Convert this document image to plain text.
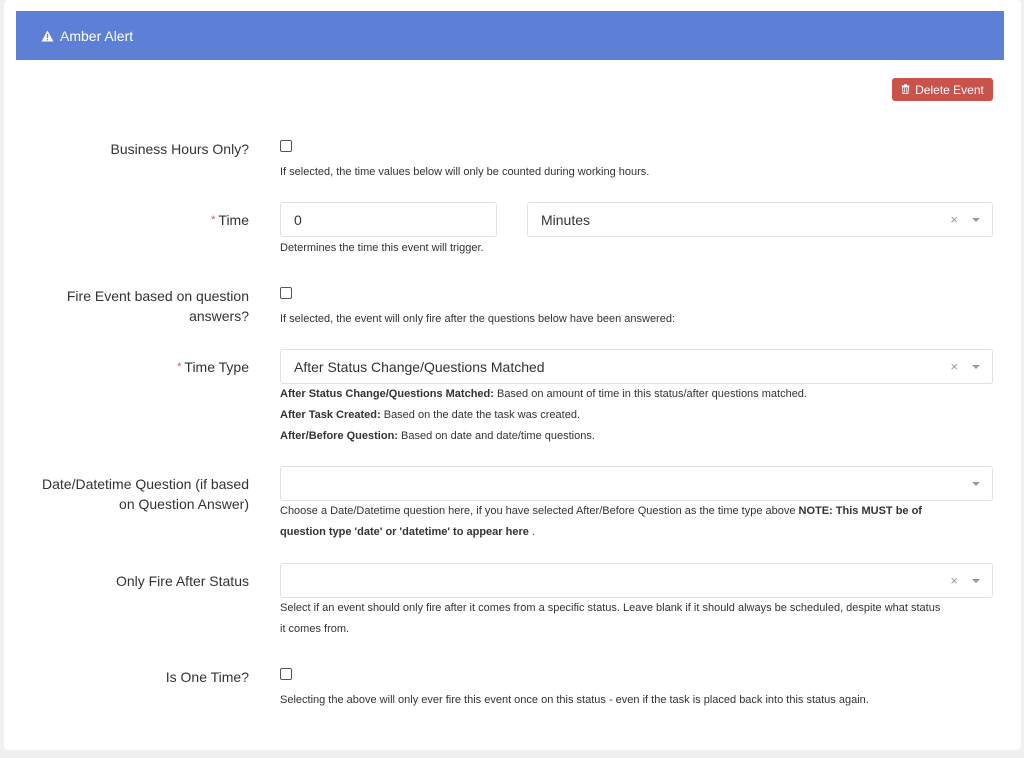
Amber Alert
Delete Event
Business Hours Only?
If selected, the time values below will only be counted during working hours.
* Time	0	Minutes	×
Determines the time this event will trigger.
Fire Event based on question
answers?	If selected, the event will only fire after the questions below have been answered:
* Time Type	After Status Change/Questions Matched	×
After Status Change/Questions Matched: Based on amount of time in this status/after questions matched.
After Task Created: Based on the date the task was created.
After/Before Question: Based on date and date/time questions.
Date/Datetime Question (if based
on Question Answer)	Choose a Date/Datetime question here, if you have selected After/Before Question as the time type above NOTE: This MUST be of
question type 'date' or 'datetime' to appear here .
Only Fire After Status	×
Select if an event should only fire after it comes from a specific status. Leave blank if it should always be scheduled, despite what status
it comes from.
Is One Time?
Selecting the above will only ever fire this event once on this status - even if the task is placed back into this status again.
